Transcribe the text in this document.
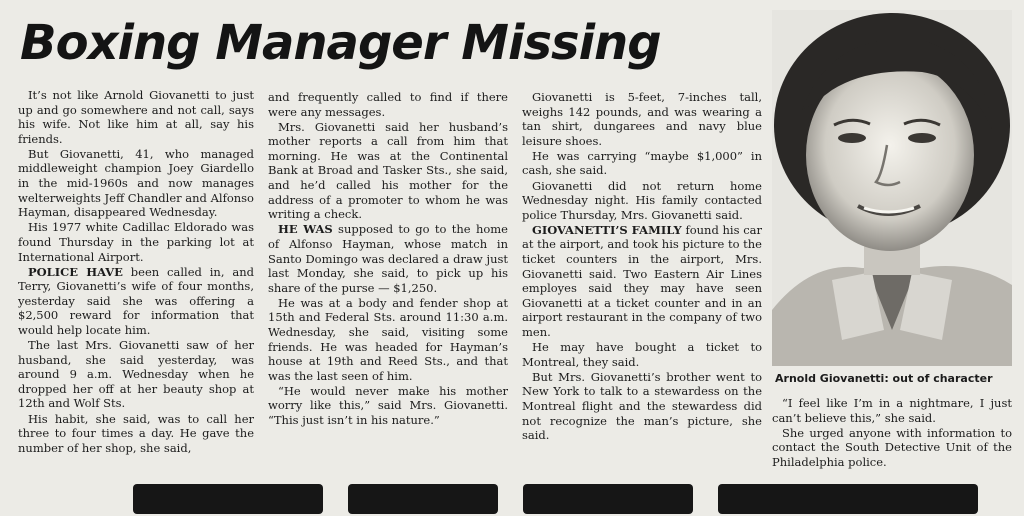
Boxing Manager Missing

It’s not like Arnold Giovanetti to just up and go somewhere and not call, says his wife. Not like him at all, say his friends.

But Giovanetti, 41, who managed middleweight champion Joey Giardello in the mid-1960s and now manages welterweights Jeff Chandler and Alfonso Hayman, disappeared Wednesday.

His 1977 white Cadillac Eldorado was found Thursday in the parking lot at International Airport.

POLICE HAVE been called in, and Terry, Giovanetti’s wife of four months, yesterday said she was offering a $2,500 reward for information that would help locate him.

The last Mrs. Giovanetti saw of her husband, she said yesterday, was around 9 a.m. Wednesday when he dropped her off at her beauty shop at 12th and Wolf Sts.

His habit, she said, was to call her three to four times a day. He gave the number of her shop, she said,

and frequently called to find if there were any messages.

Mrs. Giovanetti said her husband’s mother reports a call from him that morning. He was at the Continental Bank at Broad and Tasker Sts., she said, and he’d called his mother for the address of a promoter to whom he was writing a check.

HE WAS supposed to go to the home of Alfonso Hayman, whose match in Santo Domingo was declared a draw just last Monday, she said, to pick up his share of the purse — $1,250.

He was at a body and fender shop at 15th and Federal Sts. around 11:30 a.m. Wednesday, she said, visiting some friends. He was headed for Hayman’s house at 19th and Reed Sts., and that was the last seen of him.

“He would never make his mother worry like this,” said Mrs. Giovanetti. “This just isn’t in his nature.”

Giovanetti is 5-feet, 7-inches tall, weighs 142 pounds, and was wearing a tan shirt, dungarees and navy blue leisure shoes.

He was carrying “maybe $1,000” in cash, she said.

Giovanetti did not return home Wednesday night. His family contacted police Thursday, Mrs. Giovanetti said.

GIOVANETTI’S FAMILY found his car at the airport, and took his picture to the ticket counters in the airport, Mrs. Giovanetti said. Two Eastern Air Lines employes said they may have seen Giovanetti at a ticket counter and in an airport restaurant in the company of two men.

He may have bought a ticket to Montreal, they said.

But Mrs. Giovanetti’s brother went to New York to talk to a stewardess on the Montreal flight and the stewardess did not recognize the man’s picture, she said.

Arnold Giovanetti: out of character

“I feel like I’m in a nightmare, I just can’t believe this,” she said.

She urged anyone with information to contact the South Detective Unit of the Philadelphia police.
